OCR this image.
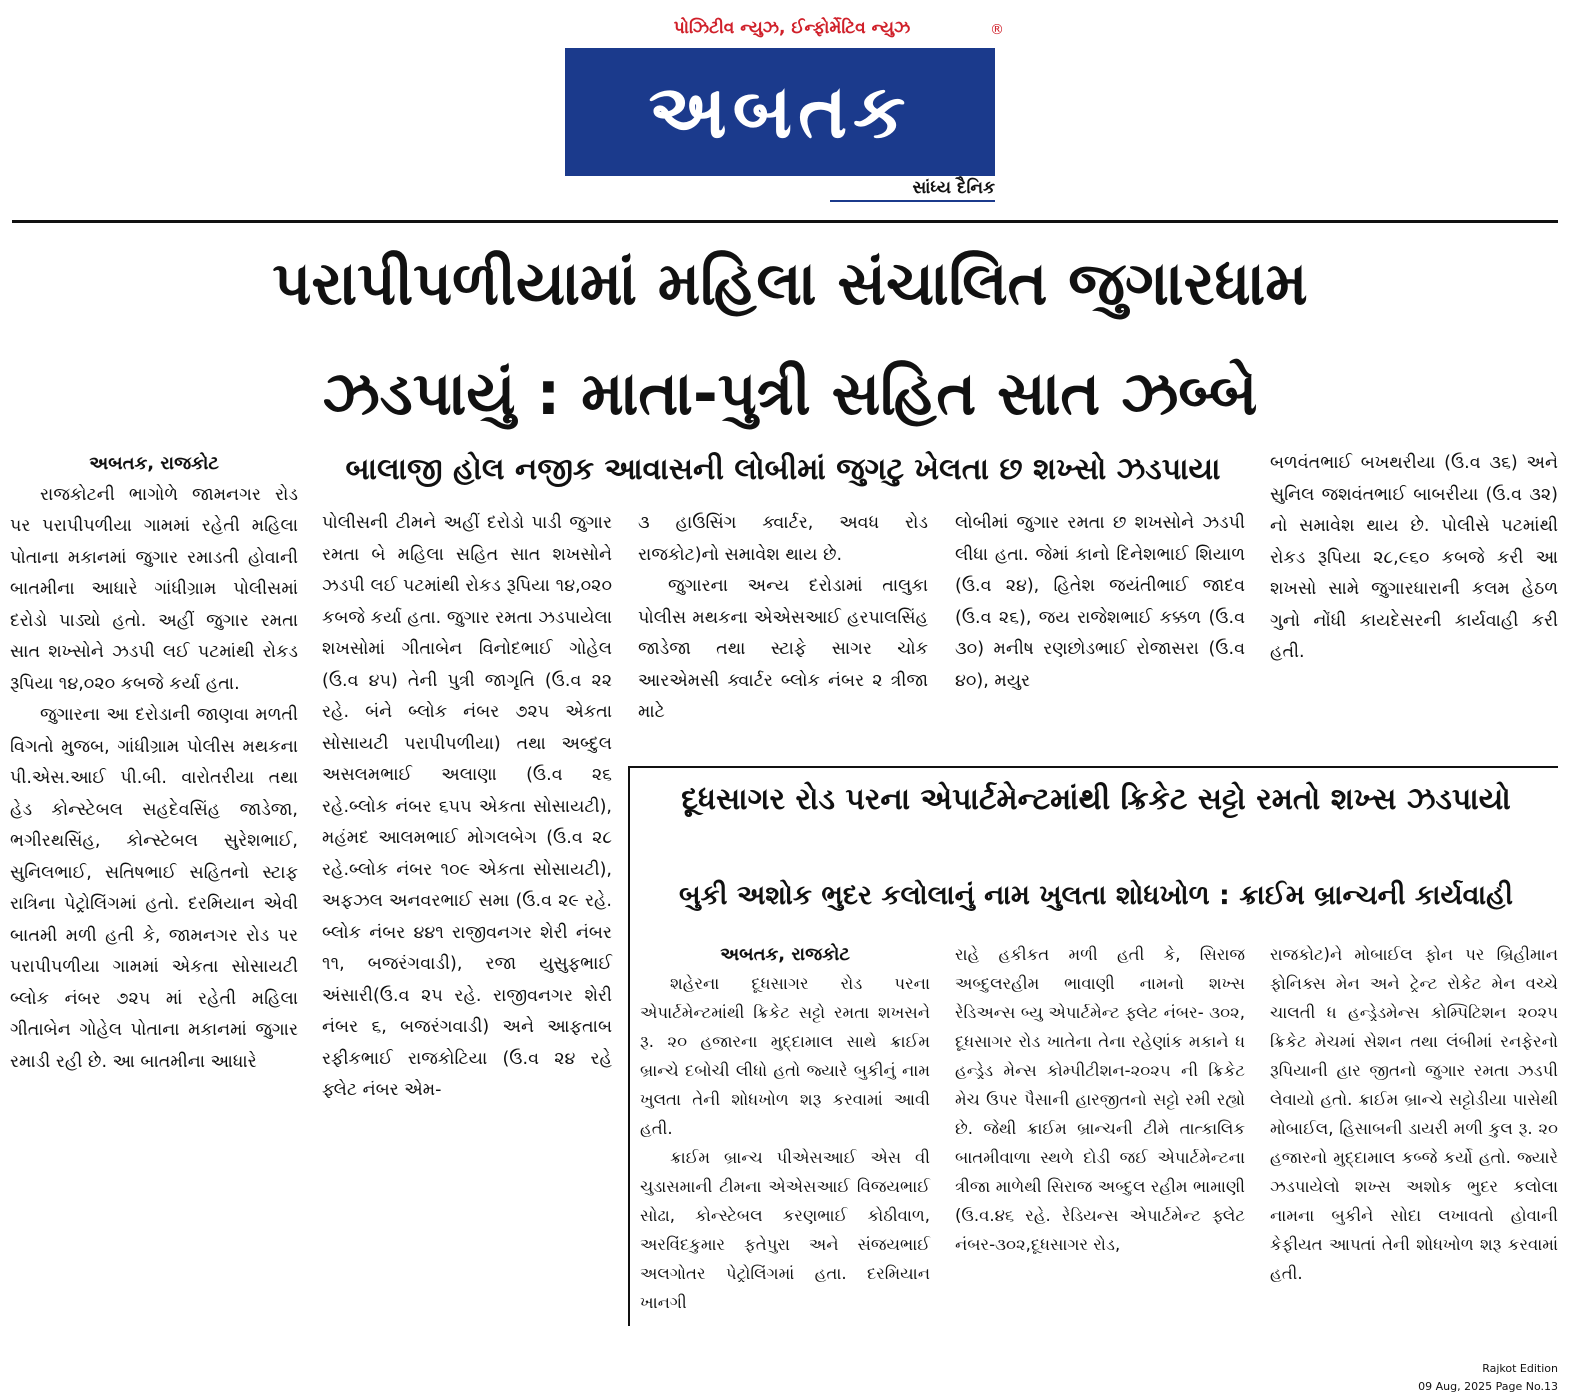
પોઝિટીવ ન્યુઝ, ઈન્ફોર્મેટિવ ન્યુઝ	®
અબતક
સાંધ્ય દૈનિક
પરાપીપળીયામાં મહિલા સંચાલિત જુગારધામ
ઝડપાયું : માતા-પુત્રી સહિત સાત ઝબ્બે
અબતક, રાજકોટ

રાજકોટની ભાગોળે જામનગર રોડ પર પરાપીપળીયા ગામમાં રહેતી મહિલા પોતાના મકાનમાં જુગાર રમાડતી હોવાની બાતમીના આધારે ગાંધીગ્રામ પોલીસમાં દરોડો પાડ્યો હતો. અહીં જુગાર રમતા સાત શખ્સોને ઝડપી લઈ પટમાંથી રોકડ રૂપિયા ૧૪,૦૨૦ કબજે કર્યા હતા.

જુગારના આ દરોડાની જાણવા મળતી વિગતો મુજબ, ગાંધીગ્રામ પોલીસ મથકના પી.એસ.આઈ પી.બી. વારોતરીયા તથા હેડ કોન્સ્ટેબલ સહદેવસિંહ જાડેજા, ભગીરથસિંહ, કોન્સ્ટેબલ સુરેશભાઈ, સુનિલભાઈ, સતિષભાઈ સહિતનો સ્ટાફ રાત્રિના પેટ્રોલિંગમાં હતો. દરમિયાન એવી બાતમી મળી હતી કે, જામનગર રોડ પર પરાપીપળીયા ગામમાં એકતા સોસાયટી બ્લોક નંબર ૭૨૫ માં રહેતી મહિલા ગીતાબેન ગોહેલ પોતાના મકાનમાં જુગાર રમાડી રહી છે. આ બાતમીના આધારે

બાલાજી હોલ નજીક આવાસની લોબીમાં જુગટુ ખેલતા છ શખ્સો ઝડપાયા

પોલીસની ટીમને અહીં દરોડો પાડી જુગાર રમતા બે મહિલા સહિત સાત શખસોને ઝડપી લઈ પટમાંથી રોકડ રૂપિયા ૧૪,૦૨૦ કબજે કર્યા હતા. જુગાર રમતા ઝડપાયેલા શખસોમાં ગીતાબેન વિનોદભાઈ ગોહેલ (ઉ.વ ૪૫) તેની પુત્રી જાગૃતિ (ઉ.વ ૨૨ રહે. બંને બ્લોક નંબર ૭૨૫ એકતા સોસાયટી પરાપીપળીયા) તથા અબ્દુલ અસલમભાઈ અલાણા (ઉ.વ ૨૬ રહે.બ્લોક નંબર ૬૫૫ એકતા સોસાયટી), મહંમદ આલમભાઈ મોગલબેગ (ઉ.વ ૨૮ રહે.બ્લોક નંબર ૧૦૯ એકતા સોસાયટી), અફઝલ અનવરભાઈ સમા (ઉ.વ ૨૯ રહે. બ્લોક નંબર ૪૪૧ રાજીવનગર શેરી નંબર ૧૧, બજરંગવાડી), રજા યુસુફભાઈ અંસારી(ઉ.વ ૨૫ રહે. રાજીવનગર શેરી નંબર ૬, બજરંગવાડી) અને આફતાબ રફીકભાઈ રાજકોટિયા (ઉ.વ ૨૪ રહે ફ્લેટ નંબર એમ-

૩ હાઉસિંગ ક્વાર્ટર, અવધ રોડ રાજકોટ)નો સમાવેશ થાય છે.

જુગારના અન્ય દરોડામાં તાલુકા પોલીસ મથકના એએસઆઈ હરપાલસિંહ જાડેજા તથા સ્ટાફે સાગર ચોક આરએમસી ક્વાર્ટર બ્લોક નંબર ૨ ત્રીજા માટે

લોબીમાં જુગાર રમતા છ શખસોને ઝડપી લીધા હતા. જેમાં કાનો દિનેશભાઈ શિયાળ (ઉ.વ ૨૪), હિતેશ જયંતીભાઈ જાદવ (ઉ.વ ૨૬), જય રાજેશભાઈ કક્કળ (ઉ.વ ૩૦) મનીષ રણછોડભાઈ રોજાસરા (ઉ.વ ૪૦), મયુર

બળવંતભાઈ બખથરીયા (ઉ.વ ૩૬) અને સુનિલ જશવંતભાઈ બાબરીયા (ઉ.વ ૩૨) નો સમાવેશ થાય છે. પોલીસે પટમાંથી રોકડ રૂપિયા ૨૮,૯૬૦ કબજે કરી આ શખસો સામે જુગારધારાની કલમ હેઠળ ગુનો નોંધી કાયદેસરની કાર્યવાહી કરી હતી.

દૂધસાગર રોડ પરના એપાર્ટમેન્ટમાંથી ક્રિકેટ સટ્ટો રમતો શખ્સ ઝડપાયો
બુકી અશોક ભુદર કલોલાનું નામ ખુલતા શોધખોળ : ક્રાઈમ બ્રાન્ચની કાર્યવાહી
અબતક, રાજકોટ

શહેરના દૂધસાગર રોડ પરના એપાર્ટમેન્ટમાંથી ક્રિકેટ સટ્ટો રમતા શખસને રૂ. ૨૦ હજારના મુદ્દામાલ સાથે ક્રાઈમ બ્રાન્ચે દબોચી લીધો હતો જ્યારે બુકીનું નામ ખુલતા તેની શોધખોળ શરૂ કરવામાં આવી હતી.

ક્રાઈમ બ્રાન્ચ પીએસઆઈ એસ વી ચુડાસમાની ટીમના એએસઆઈ વિજયભાઈ સોઢા, કોન્સ્ટેબલ કરણભાઈ કોઠીવાળ, અરવિંદકુમાર ફતેપુરા અને સંજયભાઈ અલગોતર પેટ્રોલિંગમાં હતા. દરમિયાન ખાનગી

રાહે હકીકત મળી હતી કે, સિરાજ અબ્દુલરહીમ ભાવાણી નામનો શખ્સ રેડિઅન્સ બ્યુ એપાર્ટમેન્ટ ફ્લેટ નંબર- ૩૦૨, દૂધસાગર રોડ ખાતેના તેના રહેણાંક મકાને ધ હન્ડ્રેડ મેન્સ કોમ્પીટીશન-૨૦૨૫ ની ક્રિકેટ મેચ ઉપર પૈસાની હારજીતનો સટ્ટો રમી રહ્યો છે. જેથી ક્રાઈમ બ્રાન્ચની ટીમે તાત્કાલિક બાતમીવાળા સ્થળે દોડી જઈ એપાર્ટમેન્ટના ત્રીજા માળેથી સિરાજ અબ્દુલ રહીમ ભામાણી (ઉ.વ.૪૬ રહે. રેડિયન્સ એપાર્ટમેન્ટ ફ્લેટ નંબર-૩૦૨,દૂધસાગર રોડ,

રાજકોટ)ને મોબાઈલ ફોન પર બ્રિહીમાન ફોનિક્સ મેન અને ટ્રેન્ટ રોકેટ મેન વચ્ચે ચાલતી ધ હન્ડ્રેડમેન્સ કોમ્પિટિશન ૨૦૨૫ ક્રિકેટ મેચમાં સેશન તથા લંબીમાં રનફેરનો રૂપિયાની હાર જીતનો જુગાર રમતા ઝડપી લેવાયો હતો. ક્રાઈમ બ્રાન્ચે સટ્ટોડીયા પાસેથી મોબાઈલ, હિસાબની ડાયરી મળી કુલ રૂ. ૨૦ હજારનો મુદ્દામાલ કબ્જે કર્યો હતો. જ્યારે ઝડપાયેલો શખ્સ અશોક ભુદર કલોલા નામના બુકીને સોદા લખાવતો હોવાની કેફીયત આપતાં તેની શોધખોળ શરૂ કરવામાં હતી.

Rajkot Edition
09 Aug, 2025 Page No.13
